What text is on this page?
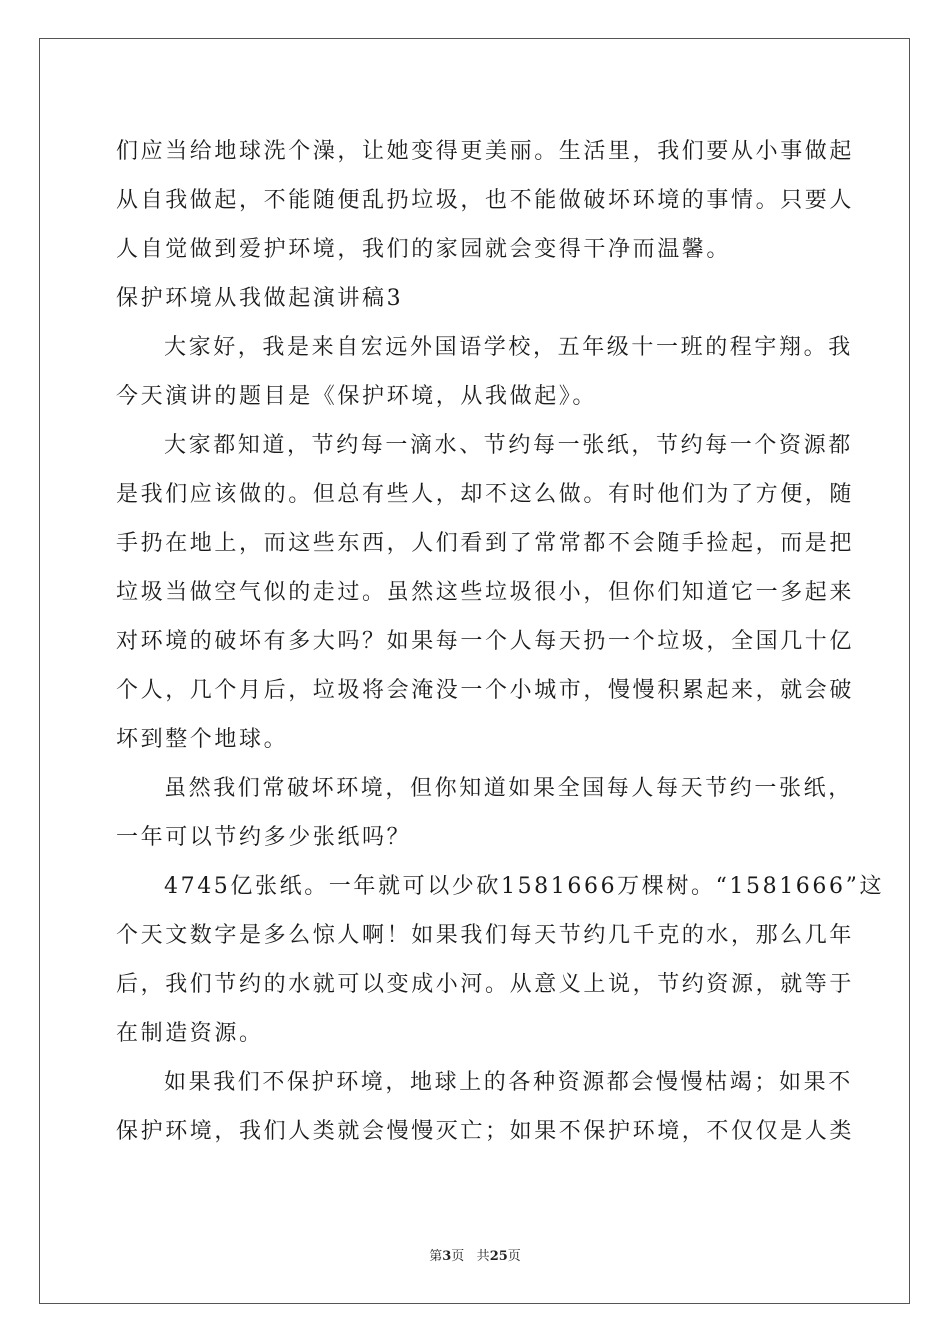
们应当给地球洗个澡，让她变得更美丽。生活里，我们要从小事做起
从自我做起，不能随便乱扔垃圾，也不能做破坏环境的事情。只要人
人自觉做到爱护环境，我们的家园就会变得干净而温馨。
保护环境从我做起演讲稿3
大家好，我是来自宏远外国语学校，五年级十一班的程宇翔。我
今天演讲的题目是《保护环境，从我做起》。
大家都知道，节约每一滴水、节约每一张纸，节约每一个资源都
是我们应该做的。但总有些人，却不这么做。有时他们为了方便，随
手扔在地上，而这些东西，人们看到了常常都不会随手捡起，而是把
垃圾当做空气似的走过。虽然这些垃圾很小，但你们知道它一多起来
对环境的破坏有多大吗？如果每一个人每天扔一个垃圾，全国几十亿
个人，几个月后，垃圾将会淹没一个小城市，慢慢积累起来，就会破
坏到整个地球。
虽然我们常破坏环境，但你知道如果全国每人每天节约一张纸，
一年可以节约多少张纸吗？
4745亿张纸。一年就可以少砍1581666万棵树。“1581666”这
个天文数字是多么惊人啊！如果我们每天节约几千克的水，那么几年
后，我们节约的水就可以变成小河。从意义上说，节约资源，就等于
在制造资源。
如果我们不保护环境，地球上的各种资源都会慢慢枯竭；如果不
保护环境，我们人类就会慢慢灭亡；如果不保护环境，不仅仅是人类
第3页 共25页
